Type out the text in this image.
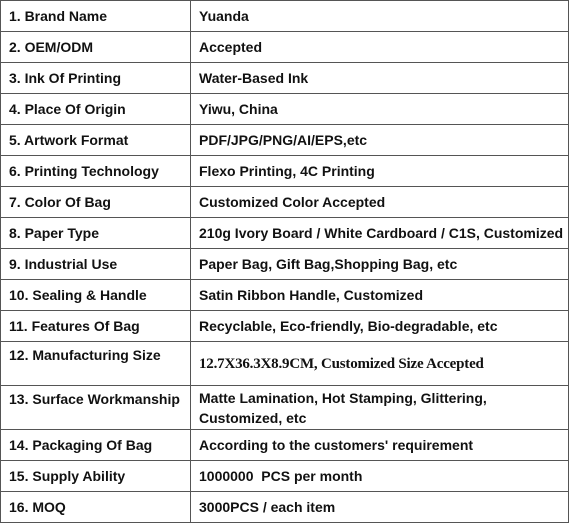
1. Brand Name	Yuanda
2. OEM/ODM	Accepted
3. Ink Of Printing	Water-Based Ink
4. Place Of Origin	Yiwu, China
5. Artwork Format	PDF/JPG/PNG/AI/EPS,etc
6. Printing Technology	Flexo Printing, 4C Printing
7. Color Of Bag	Customized Color Accepted
8. Paper Type	210g Ivory Board / White Cardboard / C1S, Customized
9. Industrial Use	Paper Bag, Gift Bag,Shopping Bag, etc
10. Sealing & Handle	Satin Ribbon Handle, Customized
11. Features Of Bag	Recyclable, Eco-friendly, Bio-degradable, etc
12. Manufacturing Size	12.7X36.3X8.9CM, Customized Size Accepted
13. Surface Workmanship	Matte Lamination, Hot Stamping, Glittering, Customized, etc
14. Packaging Of Bag	According to the customers' requirement
15. Supply Ability	1000000  PCS per month
16. MOQ	3000PCS / each item
